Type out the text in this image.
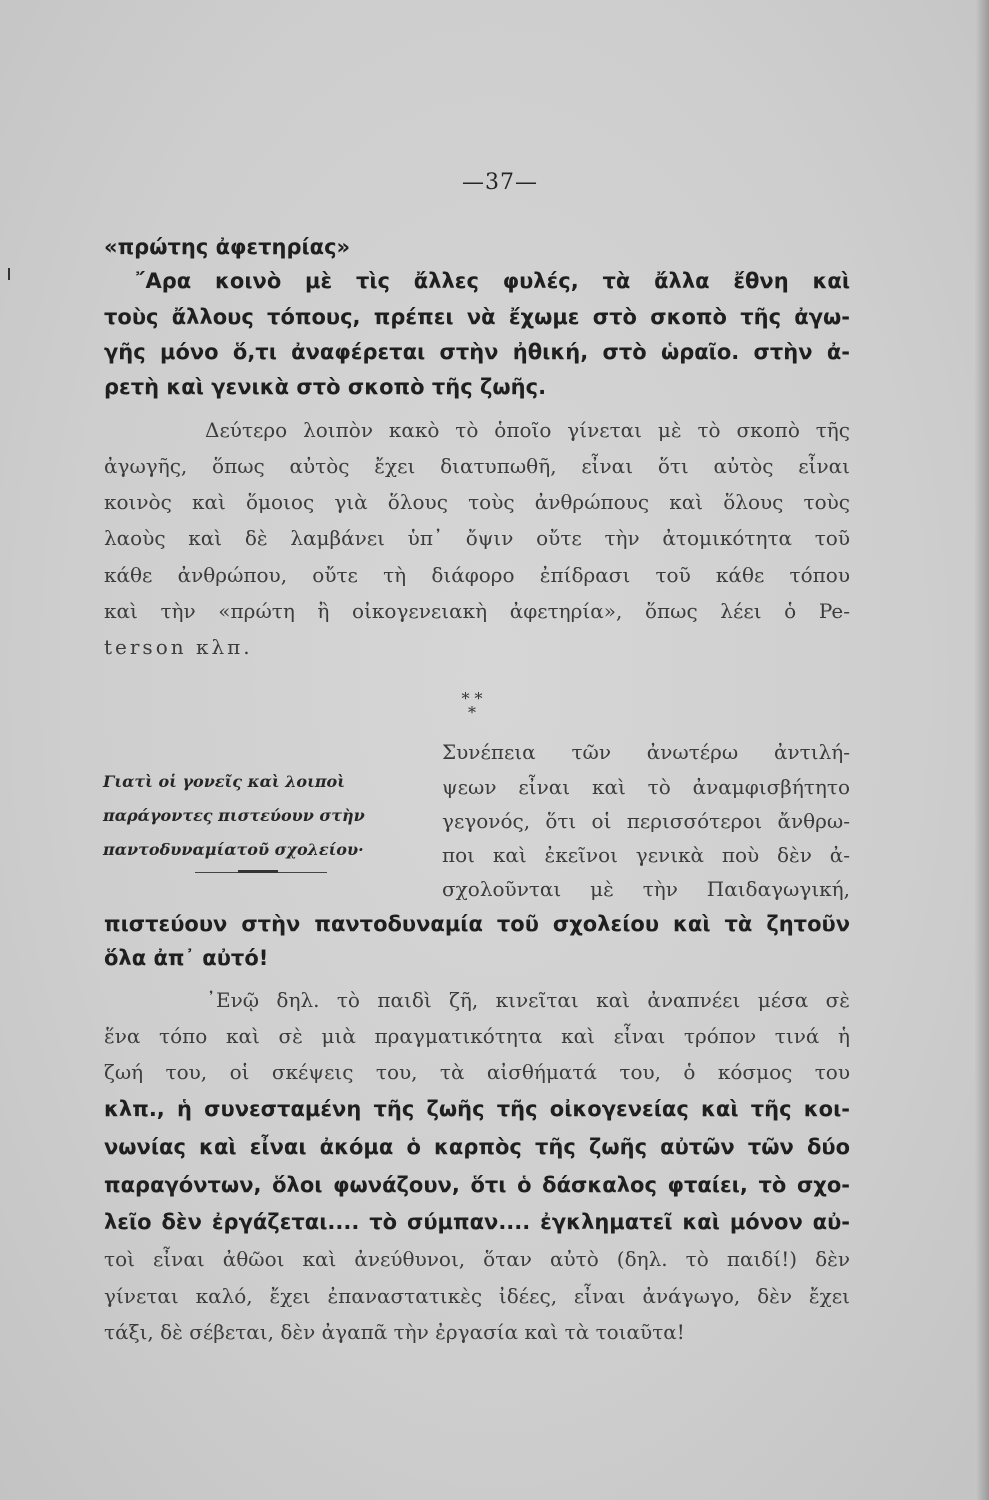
—37—
«πρώτης ἀφετηρίας»
῎Αρα κοινὸ μὲ τὶς ἄλλες φυλές, τὰ ἄλλα ἔθνη καὶ
τοὺς ἄλλους τόπους, πρέπει νὰ ἔχωμε στὸ σκοπὸ τῆς ἀγω-
γῆς μόνο ὅ,τι ἀναφέρεται στὴν ἠθική, στὸ ὡραῖο. στὴν ἀ-
ρετὴ καὶ γενικὰ στὸ σκοπὸ τῆς ζωῆς.
Δεύτερο λοιπὸν κακὸ τὸ ὁποῖο γίνεται μὲ τὸ σκοπὸ τῆς
ἀγωγῆς, ὅπως αὐτὸς ἔχει διατυπωθῆ, εἶναι ὅτι αὐτὸς εἶναι
κοινὸς καὶ ὅμοιος γιὰ ὅλους τοὺς ἀνθρώπους καὶ ὅλους τοὺς
λαοὺς καὶ δὲ λαμβάνει ὑπ᾿ ὄψιν οὔτε τὴν ἀτομικότητα τοῦ
κάθε ἀνθρώπου, οὔτε τὴ διάφορο ἐπίδρασι τοῦ κάθε τόπου
καὶ τὴν «πρώτη ἢ οἰκογενειακὴ ἀφετηρία», ὅπως λέει ὁ Pe-
terson κλπ.
* *
*
Γιατὶ οἱ γονεῖς καὶ λοιποὶ
παράγοντες πιστεύουν στὴν
παντοδυναμίατοῦ σχολείου·
Συνέπεια τῶν ἀνωτέρω ἀντιλή-
ψεων εἶναι καὶ τὸ ἀναμφισβήτητο
γεγονός, ὅτι οἱ περισσότεροι ἄνθρω-
ποι καὶ ἐκεῖνοι γενικὰ ποὺ δὲν ἀ-
σχολοῦνται μὲ τὴν Παιδαγωγική,
πιστεύουν στὴν παντοδυναμία τοῦ σχολείου καὶ τὰ ζητοῦν
ὅλα ἀπ᾿ αὐτό!
᾿Ενῷ δηλ. τὸ παιδὶ ζῆ, κινεῖται καὶ ἀναπνέει μέσα σὲ
ἕνα τόπο καὶ σὲ μιὰ πραγματικότητα καὶ εἶναι τρόπον τινά ἡ
ζωή του, οἱ σκέψεις του, τὰ αἰσθήματά του, ὁ κόσμος του
κλπ., ἡ συνεσταμένη τῆς ζωῆς τῆς οἰκογενείας καὶ τῆς κοι-
νωνίας καὶ εἶναι ἀκόμα ὁ καρπὸς τῆς ζωῆς αὐτῶν τῶν δύο
παραγόντων, ὅλοι φωνάζουν, ὅτι ὁ δάσκαλος φταίει, τὸ σχο-
λεῖο δὲν ἐργάζεται.... τὸ σύμπαν.... ἐγκληματεῖ καὶ μόνον αὐ-
τοὶ εἶναι ἀθῶοι καὶ ἀνεύθυνοι, ὅταν αὐτὸ (δηλ. τὸ παιδί!) δὲν
γίνεται καλό, ἔχει ἐπαναστατικὲς ἰδέες, εἶναι ἀνάγωγο, δὲν ἔχει
τάξι, δὲ σέβεται, δὲν ἀγαπᾶ τὴν ἐργασία καὶ τὰ τοιαῦτα!
